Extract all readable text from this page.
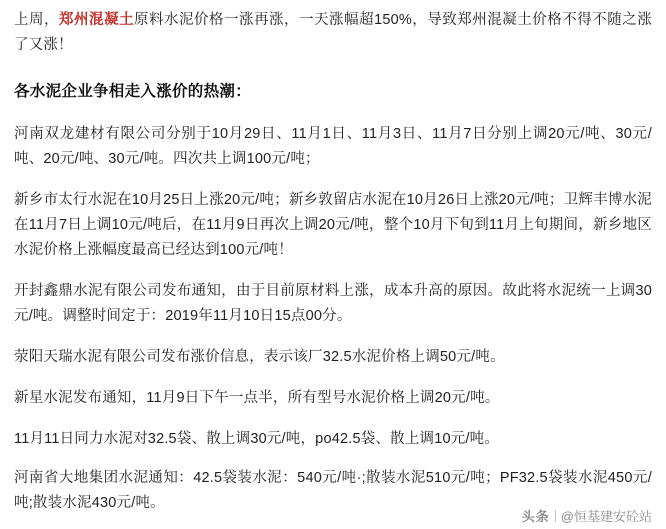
上周，郑州混凝土原料水泥价格一涨再涨，一天涨幅超150%，导致郑州混凝土价格不得不随之涨了又涨！

各水泥企业争相走入涨价的热潮：

河南双龙建材有限公司分别于10月29日、11月1日、11月3日、11月7日分别上调20元/吨、30元/吨、20元/吨、30元/吨。四次共上调100元/吨；

新乡市太行水泥在10月25日上涨20元/吨；新乡敦留店水泥在10月26日上涨20元/吨；卫辉丰博水泥在11月7日上调10元/吨后，在11月9日再次上调20元/吨，整个10月下旬到11月上旬期间，新乡地区水泥价格上涨幅度最高已经达到100元/吨！

开封鑫鼎水泥有限公司发布通知，由于目前原材料上涨，成本升高的原因。故此将水泥统一上调30元/吨。调整时间定于：2019年11月10日15点00分。

荥阳天瑞水泥有限公司发布涨价信息，表示该厂32.5水泥价格上调50元/吨。

新星水泥发布通知，11月9日下午一点半，所有型号水泥价格上调20元/吨。

11月11日同力水泥对32.5袋、散上调30元/吨，po42.5袋、散上调10元/吨。

河南省大地集团水泥通知：42.5袋装水泥：540元/吨·;散装水泥510元/吨；PF32.5袋装水泥450元/吨;散装水泥430元/吨。

头条 @恒基建安砼站
